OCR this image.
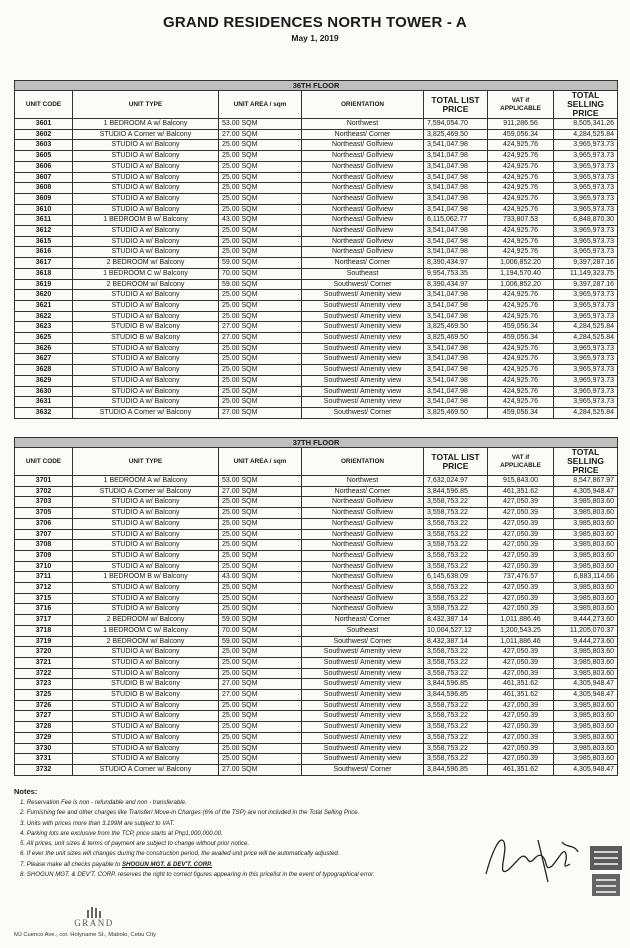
GRAND RESIDENCES NORTH TOWER - A
May 1, 2019
36TH FLOOR						
UNIT CODE	UNIT TYPE	UNIT AREA / sqm	ORIENTATION	TOTAL LIST PRICE	VAT if APPLICABLE	TOTAL SELLING PRICE
3601	1 BEDROOM A w/ Balcony	53.00 SQM	Northwest	7,594,054.70	911,286.56	8,505,341.26
3602	STUDIO A Corner w/ Balcony	27.00 SQM	Northeast/ Corner	3,825,469.50	459,056.34	4,284,525.84
3603	STUDIO A w/ Balcony	25.00 SQM	Northeast/ Golfview	3,541,047.98	424,925.76	3,965,973.73
3605	STUDIO A w/ Balcony	25.00 SQM	Northeast/ Golfview	3,541,047.98	424,925.76	3,965,973.73
3606	STUDIO A w/ Balcony	25.00 SQM	Northeast/ Golfview	3,541,047.98	424,925.76	3,965,973.73
3607	STUDIO A w/ Balcony	25.00 SQM	Northeast/ Golfview	3,541,047.98	424,925.76	3,965,973.73
3608	STUDIO A w/ Balcony	25.00 SQM	Northeast/ Golfview	3,541,047.98	424,925.76	3,965,973.73
3609	STUDIO A w/ Balcony	25.00 SQM	Northeast/ Golfview	3,541,047.98	424,925.76	3,965,973.73
3610	STUDIO A w/ Balcony	25.00 SQM	Northeast/ Golfview	3,541,047.98	424,925.76	3,965,973.73
3611	1 BEDROOM B w/ Balcony	43.00 SQM	Northeast/ Golfview	6,115,062.77	733,807.53	6,848,870.30
3612	STUDIO A w/ Balcony	25.00 SQM	Northeast/ Golfview	3,541,047.98	424,925.76	3,965,973.73
3615	STUDIO A w/ Balcony	25.00 SQM	Northeast/ Golfview	3,541,047.98	424,925.76	3,965,973.73
3616	STUDIO A w/ Balcony	25.00 SQM	Northeast/ Golfview	3,541,047.98	424,925.76	3,965,973.73
3617	2 BEDROOM w/ Balcony	59.00 SQM	Northeast/ Corner	8,390,434.97	1,006,852.20	9,397,287.16
3618	1 BEDROOM C w/ Balcony	70.00 SQM	Southeast	9,954,753.35	1,194,570.40	11,149,323.75
3619	2 BEDROOM w/ Balcony	59.00 SQM	Southwest/ Corner	8,390,434.97	1,006,852.20	9,397,287.16
3620	STUDIO A w/ Balcony	25.00 SQM	Southwest/ Amenity view	3,541,047.98	424,925.76	3,965,973.73
3621	STUDIO A w/ Balcony	25.00 SQM	Southwest/ Amenity view	3,541,047.98	424,925.76	3,965,973.73
3622	STUDIO A w/ Balcony	25.00 SQM	Southwest/ Amenity view	3,541,047.98	424,925.76	3,965,973.73
3623	STUDIO B w/ Balcony	27.00 SQM	Southwest/ Amenity view	3,825,469.50	459,056.34	4,284,525.84
3625	STUDIO B w/ Balcony	27.00 SQM	Southwest/ Amenity view	3,825,469.50	459,056.34	4,284,525.84
3626	STUDIO A w/ Balcony	25.00 SQM	Southwest/ Amenity view	3,541,047.98	424,925.76	3,965,973.73
3627	STUDIO A w/ Balcony	25.00 SQM	Southwest/ Amenity view	3,541,047.98	424,925.76	3,965,973.73
3628	STUDIO A w/ Balcony	25.00 SQM	Southwest/ Amenity view	3,541,047.98	424,925.76	3,965,973.73
3629	STUDIO A w/ Balcony	25.00 SQM	Southwest/ Amenity view	3,541,047.98	424,925.76	3,965,973.73
3630	STUDIO A w/ Balcony	25.00 SQM	Southwest/ Amenity view	3,541,047.98	424,925.76	3,965,973.73
3631	STUDIO A w/ Balcony	25.00 SQM	Southwest/ Amenity view	3,541,047.98	424,925.76	3,965,973.73
3632	STUDIO A Corner w/ Balcony	27.00 SQM	Southwest/ Corner	3,825,469.50	459,056.34	4,284,525.84
37TH FLOOR						
UNIT CODE	UNIT TYPE	UNIT AREA / sqm	ORIENTATION	TOTAL LIST PRICE	VAT if APPLICABLE	TOTAL SELLING PRICE
3701	1 BEDROOM A w/ Balcony	53.00 SQM	Northwest	7,632,024.97	915,843.00	8,547,867.97
3702	STUDIO A Corner w/ Balcony	27.00 SQM	Northeast/ Corner	3,844,596.85	461,351.62	4,305,948.47
3703	STUDIO A w/ Balcony	25.00 SQM	Northeast/ Golfview	3,558,753.22	427,050.39	3,985,803.60
3705	STUDIO A w/ Balcony	25.00 SQM	Northeast/ Golfview	3,558,753.22	427,050.39	3,985,803.60
3706	STUDIO A w/ Balcony	25.00 SQM	Northeast/ Golfview	3,558,753.22	427,050.39	3,985,803.60
3707	STUDIO A w/ Balcony	25.00 SQM	Northeast/ Golfview	3,558,753.22	427,050.39	3,985,803.60
3708	STUDIO A w/ Balcony	25.00 SQM	Northeast/ Golfview	3,558,753.22	427,050.39	3,985,803.60
3709	STUDIO A w/ Balcony	25.00 SQM	Northeast/ Golfview	3,558,753.22	427,050.39	3,985,803.60
3710	STUDIO A w/ Balcony	25.00 SQM	Northeast/ Golfview	3,558,753.22	427,050.39	3,985,803.60
3711	1 BEDROOM B w/ Balcony	43.00 SQM	Northeast/ Golfview	6,145,638.09	737,476.57	6,883,114.66
3712	STUDIO A w/ Balcony	25.00 SQM	Northeast/ Golfview	3,558,753.22	427,050.39	3,985,803.60
3715	STUDIO A w/ Balcony	25.00 SQM	Northeast/ Golfview	3,558,753.22	427,050.39	3,985,803.60
3716	STUDIO A w/ Balcony	25.00 SQM	Northeast/ Golfview	3,558,753.22	427,050.39	3,985,803.60
3717	2 BEDROOM w/ Balcony	59.00 SQM	Northeast/ Corner	8,432,387.14	1,011,886.46	9,444,273.60
3718	1 BEDROOM C w/ Balcony	70.00 SQM	Southeast	10,004,527.12	1,200,543.25	11,205,070.37
3719	2 BEDROOM w/ Balcony	59.00 SQM	Southwest/ Corner	8,432,387.14	1,011,886.46	9,444,273.60
3720	STUDIO A w/ Balcony	25.00 SQM	Southwest/ Amenity view	3,558,753.22	427,050.39	3,985,803.60
3721	STUDIO A w/ Balcony	25.00 SQM	Southwest/ Amenity view	3,558,753.22	427,050.39	3,985,803.60
3722	STUDIO A w/ Balcony	25.00 SQM	Southwest/ Amenity view	3,558,753.22	427,050.39	3,985,803.60
3723	STUDIO B w/ Balcony	27.00 SQM	Southwest/ Amenity view	3,844,596.85	461,351.62	4,305,948.47
3725	STUDIO B w/ Balcony	27.00 SQM	Southwest/ Amenity view	3,844,596.85	461,351.62	4,305,948.47
3726	STUDIO A w/ Balcony	25.00 SQM	Southwest/ Amenity view	3,558,753.22	427,050.39	3,985,803.60
3727	STUDIO A w/ Balcony	25.00 SQM	Southwest/ Amenity view	3,558,753.22	427,050.39	3,985,803.60
3728	STUDIO A w/ Balcony	25.00 SQM	Southwest/ Amenity view	3,558,753.22	427,050.39	3,985,803.60
3729	STUDIO A w/ Balcony	25.00 SQM	Southwest/ Amenity view	3,558,753.22	427,050.39	3,985,803.60
3730	STUDIO A w/ Balcony	25.00 SQM	Southwest/ Amenity view	3,558,753.22	427,050.39	3,985,803.60
3731	STUDIO A w/ Balcony	25.00 SQM	Southwest/ Amenity view	3,558,753.22	427,050.39	3,985,803.60
3732	STUDIO A Corner w/ Balcony	27.00 SQM	Southwest/ Corner	3,844,596.85	461,351.62	4,305,948.47
Notes:
1. Reservation Fee is non - refundable and non - transferable.
2. Furnishing fee and other charges like Transfer/ Move-in Charges (6% of the TSP) are not included in the Total Selling Price.
3. Units with prices more than 3.199M are subject to VAT.
4. Parking lots are exclusive from the TCP, price starts at Php1,000,000.00.
5. All prices, unit sizes & terms of payment are subject to change without prior notice.
6. If ever the unit sizes will changes during the construction period, the availed unit price will be automatically adjusted.
7. Please make all checks payable to SHOGUN MGT. & DEV'T. CORP.
8. SHOGUN MGT. & DEV'T. CORP. reserves the right to correct figures appearing in this pricelist in the event of typographical error.
GRAND
MJ Cuenco Ave., cor. Holyname St., Mabolo, Cebu City
